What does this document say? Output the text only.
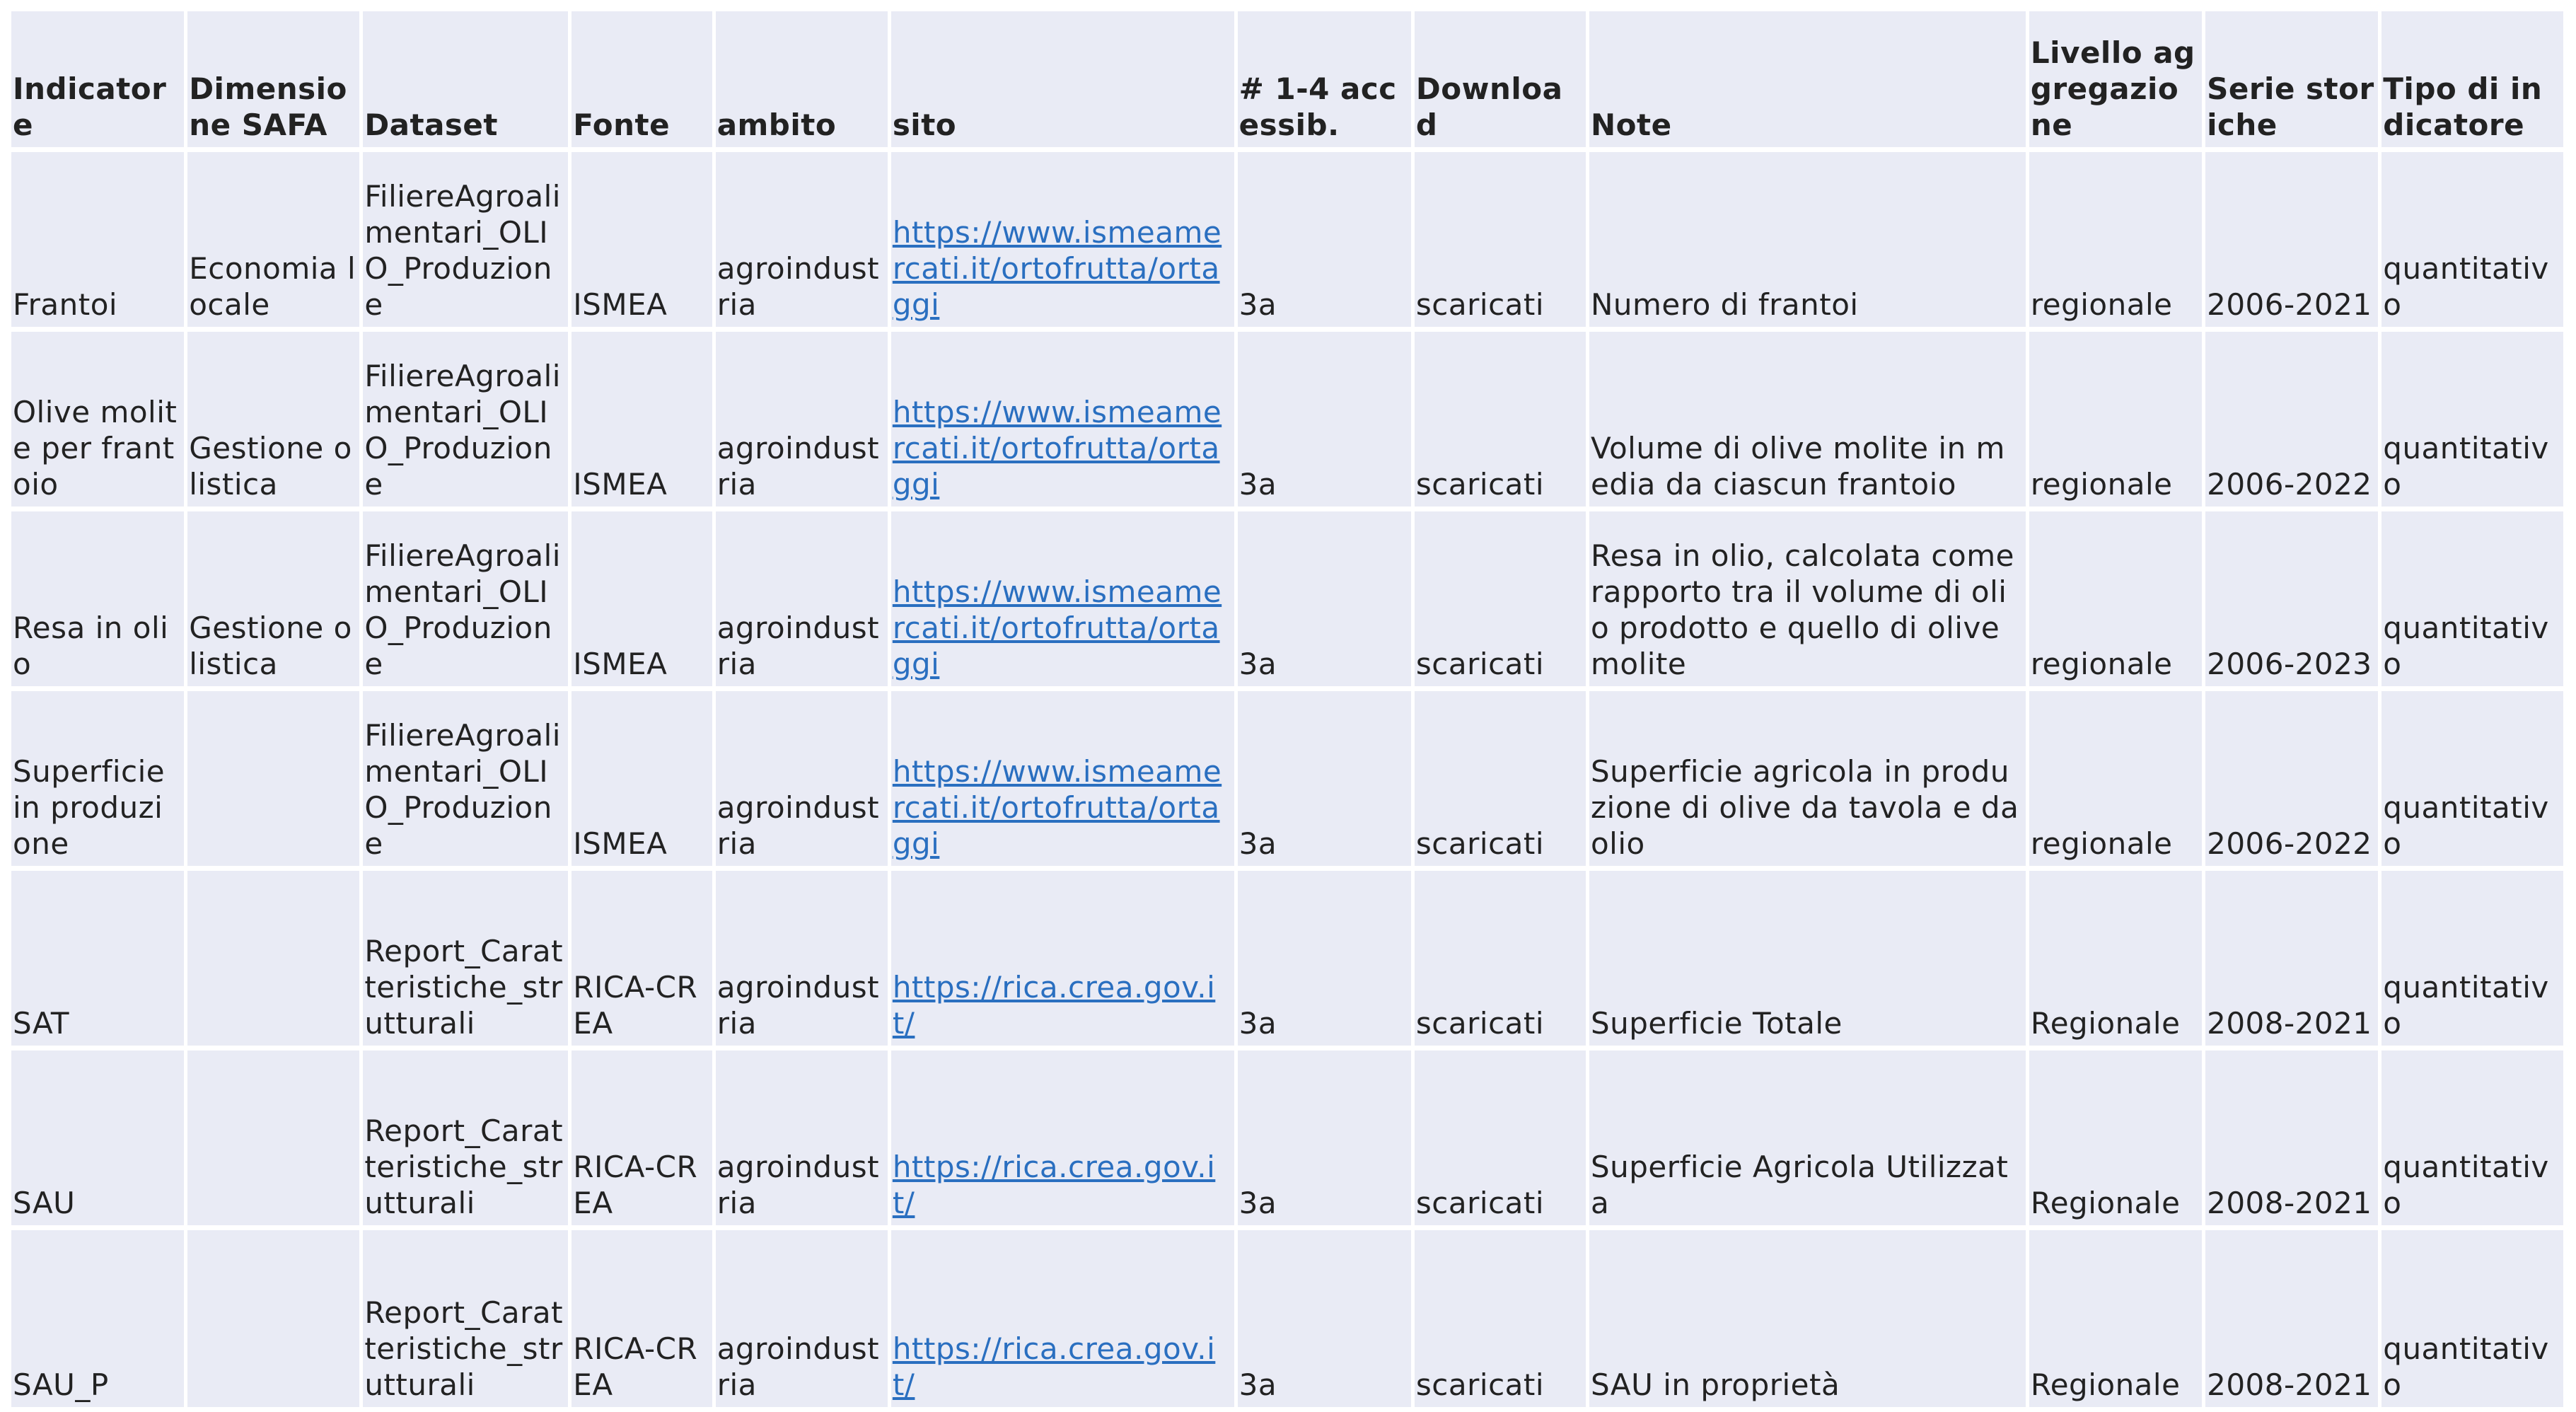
Indicatore	Dimensione SAFA	Dataset	Fonte	ambito	sito	# 1-4 accessib.	Download	Note	Livello aggregazione	Serie storiche	Tipo di indicatore
Frantoi	Economia locale	FiliereAgroalimentari_OLIO_Produzione	ISMEA	agroindustria	https://www.ismeamercati.it/ortofrutta/ortaggi	3a	scaricati	Numero di frantoi	regionale	2006-2021	quantitativo
Olive molite per frantoio	Gestione olistica	FiliereAgroalimentari_OLIO_Produzione	ISMEA	agroindustria	https://www.ismeamercati.it/ortofrutta/ortaggi	3a	scaricati	Volume di olive molite in media da ciascun frantoio	regionale	2006-2022	quantitativo
Resa in olio	Gestione olistica	FiliereAgroalimentari_OLIO_Produzione	ISMEA	agroindustria	https://www.ismeamercati.it/ortofrutta/ortaggi	3a	scaricati	Resa in olio, calcolata come rapporto tra il volume di olio prodotto e quello di olive molite	regionale	2006-2023	quantitativo
Superficie in produzione		FiliereAgroalimentari_OLIO_Produzione	ISMEA	agroindustria	https://www.ismeamercati.it/ortofrutta/ortaggi	3a	scaricati	Superficie agricola in produzione di olive da tavola e da olio	regionale	2006-2022	quantitativo
SAT		Report_Caratteristiche_strutturali	RICA-CREA	agroindustria	https://rica.crea.gov.it/	3a	scaricati	Superficie Totale	Regionale	2008-2021	quantitativo
SAU		Report_Caratteristiche_strutturali	RICA-CREA	agroindustria	https://rica.crea.gov.it/	3a	scaricati	Superficie Agricola Utilizzata	Regionale	2008-2021	quantitativo
SAU_P		Report_Caratteristiche_strutturali	RICA-CREA	agroindustria	https://rica.crea.gov.it/	3a	scaricati	SAU in proprietà	Regionale	2008-2021	quantitativo
